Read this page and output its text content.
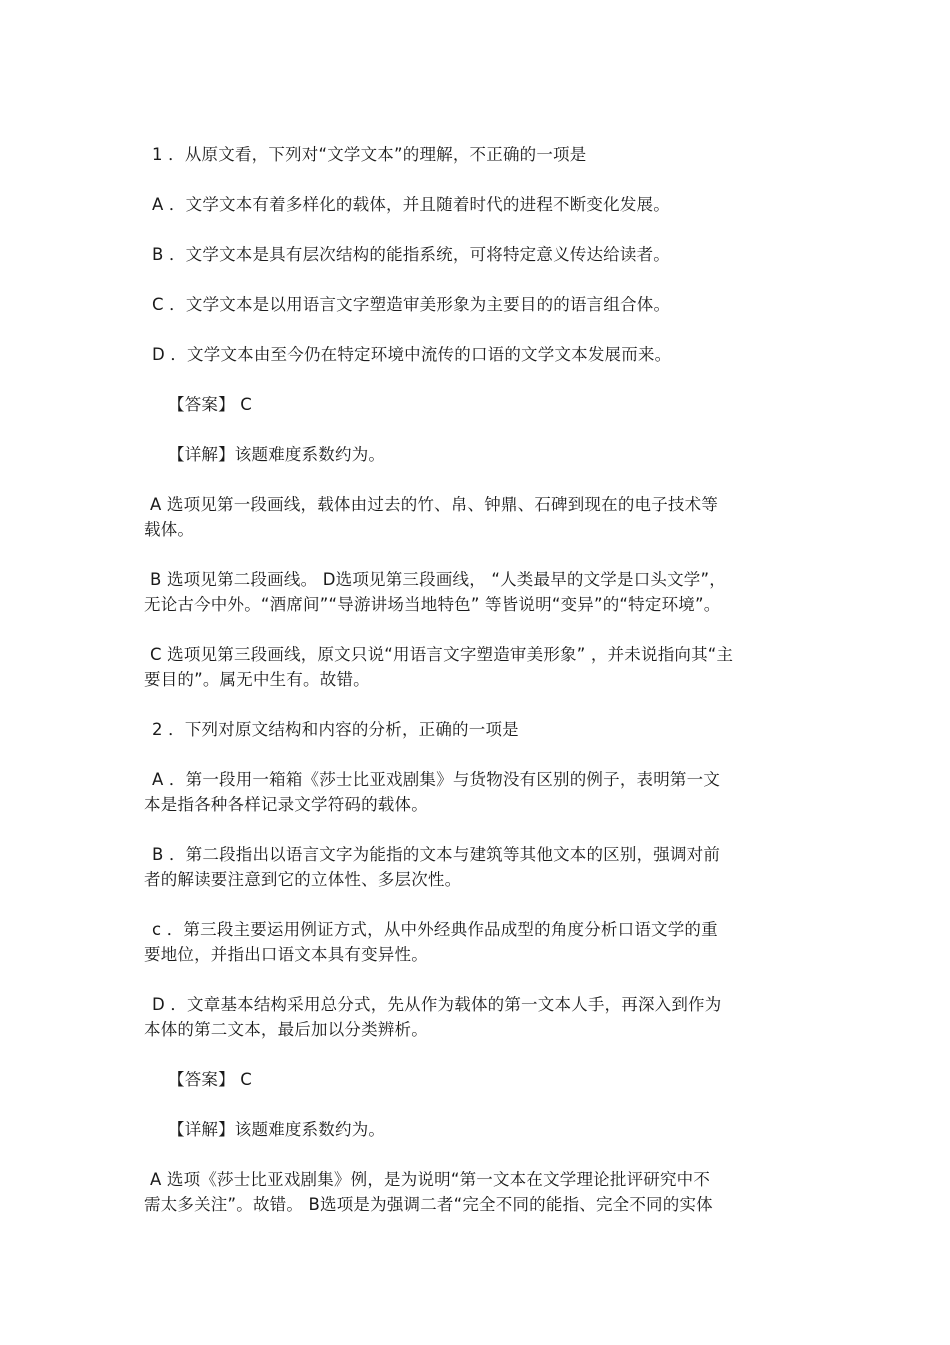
1 ．从原文看，下列对“文学文本”的理解，不正确的一项是
A ．文学文本有着多样化的载体，并且随着时代的进程不断变化发展。
B ．文学文本是具有层次结构的能指系统，可将特定意义传达给读者。
C ．文学文本是以用语言文字塑造审美形象为主要目的的语言组合体。
D ．文学文本由至今仍在特定环境中流传的口语的文学文本发展而来。
【答案】 C
【详解】该题难度系数约为。
A 选项见第一段画线，载体由过去的竹、帛、钟鼎、石碑到现在的电子技术等
载体。
B 选项见第二段画线。 D选项见第三段画线， “人类最早的文学是口头文学”，
无论古今中外。“酒席间”“导游讲场当地特色” 等皆说明“变异”的“特定环境”。
C 选项见第三段画线，原文只说“用语言文字塑造审美形象” ，并未说指向其“主
要目的”。属无中生有。故错。
2 ．下列对原文结构和内容的分析，正确的一项是
A ．第一段用一箱箱《莎士比亚戏剧集》与货物没有区别的例子，表明第一文
本是指各种各样记录文学符码的载体。
B ．第二段指出以语言文字为能指的文本与建筑等其他文本的区别，强调对前
者的解读要注意到它的立体性、多层次性。
c ．第三段主要运用例证方式，从中外经典作品成型的角度分析口语文学的重
要地位，并指出口语文本具有变异性。
D ．文章基本结构采用总分式，先从作为载体的第一文本人手，再深入到作为
本体的第二文本，最后加以分类辨析。
【答案】 C
【详解】该题难度系数约为。
A 选项《莎士比亚戏剧集》例，是为说明“第一文本在文学理论批评研究中不
需太多关注”。故错。 B选项是为强调二者“完全不同的能指、完全不同的实体
